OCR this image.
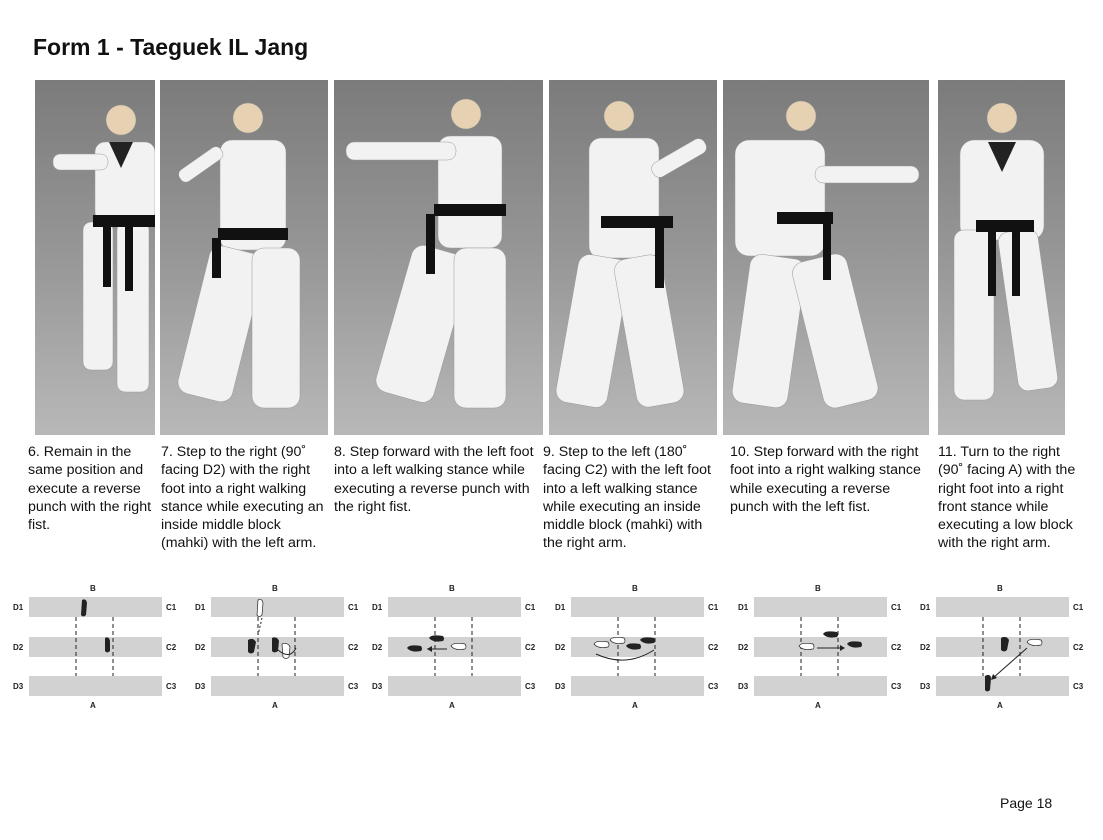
Form 1 - Taeguek IL Jang
6. Remain in the same position and execute a reverse punch with the right fist.
7. Step to the right (90˚ facing D2) with the right foot into a right walking stance while executing an inside middle block (mahki) with the left arm.
8. Step forward with the left foot into a left walking stance while executing a reverse punch with the right fist.
9. Step to the left (180˚ facing C2) with the left foot into a left walking stance while executing an inside middle block (mahki) with the right arm.
10. Step forward with the right foot into a right walking stance while executing a reverse punch with the left fist.
11. Turn to the right (90˚ facing A) with the right foot into a right front stance while executing a low block with the right arm.
B
A
D1
D2
D3
C1
C2
C3
B
A
D1
D2
D3
C1
C2
C3
B
A
D1
D2
D3
C1
C2
C3
B
A
D1
D2
D3
C1
C2
C3
B
A
D1
D2
D3
C1
C2
C3
B
A
D1
D2
D3
C1
C2
C3
Page 18
